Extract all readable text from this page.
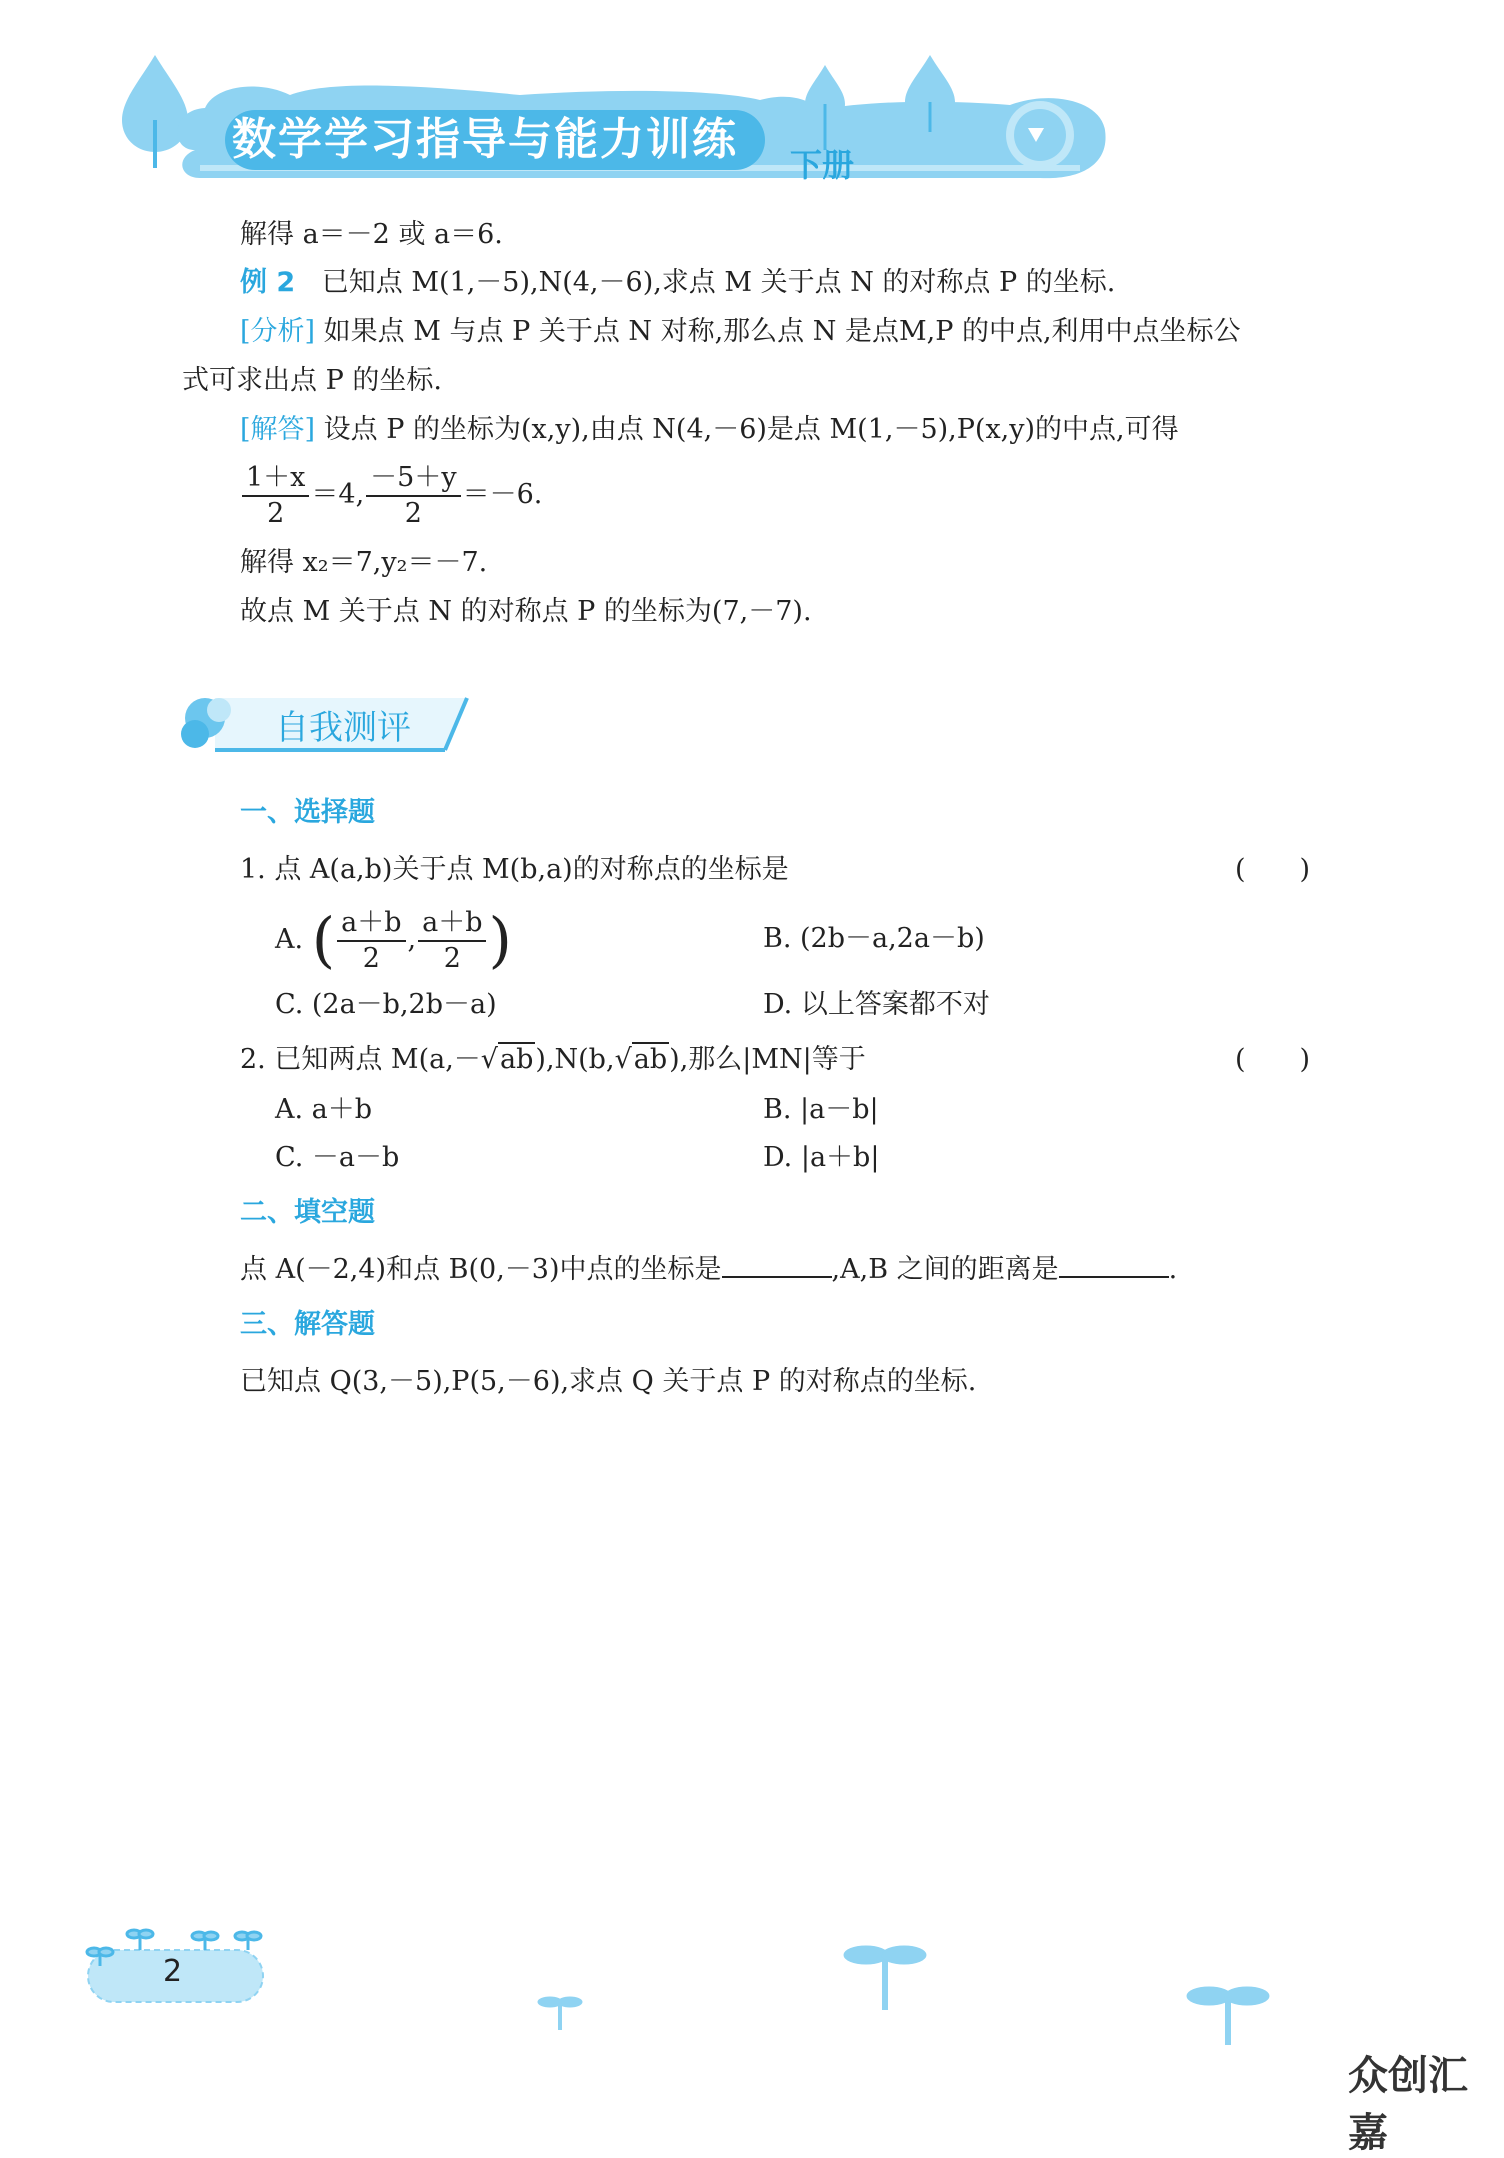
数学学习指导与能力训练 下册
解得 a＝－2 或 a＝6.
例 2 已知点 M(1,－5),N(4,－6),求点 M 关于点 N 的对称点 P 的坐标.
[分析] 如果点 M 与点 P 关于点 N 对称,那么点 N 是点M,P 的中点,利用中点坐标公
式可求出点 P 的坐标.
[解答] 设点 P 的坐标为(x,y),由点 N(4,－6)是点 M(1,－5),P(x,y)的中点,可得
$\frac{1+x}{2} =4$, $\frac{-5+y}{2} =-6$.
解得 x₂＝7,y₂＝－7.
故点 M 关于点 N 的对称点 P 的坐标为(7,－7).
自我测评
一、选择题
1. 点 A(a,b)关于点 M(b,a)的对称点的坐标是	(　　)
A. ( $\frac{a+b}{2}$ , $\frac{a+b}{2}$ )	B. (2b－a,2a－b)
C. (2a－b,2b－a)	D. 以上答案都不对
2. 已知两点 M(a,－√ab),N(b,√ab),那么|MN|等于	(　　)
A. a＋b	B. |a－b|
C. －a－b	D. |a＋b|
二、填空题
点 A(－2,4)和点 B(0,－3)中点的坐标是	,A,B 之间的距离是	.
三、解答题
已知点 Q(3,－5),P(5,－6),求点 Q 关于点 P 的对称点的坐标.
2
众创汇嘉
